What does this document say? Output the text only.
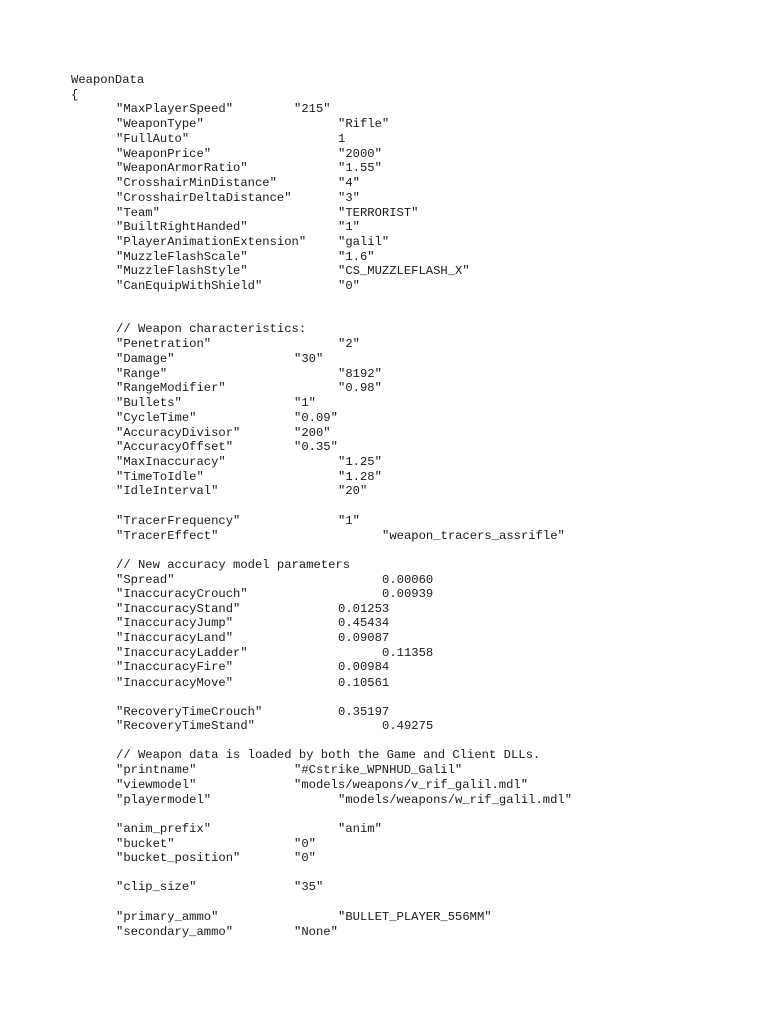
WeaponData
{
"MaxPlayerSpeed"	"215"
"WeaponType"	"Rifle"
"FullAuto"	1
"WeaponPrice"	"2000"
"WeaponArmorRatio"	"1.55"
"CrosshairMinDistance"	"4"
"CrosshairDeltaDistance"	"3"
"Team"	"TERRORIST"
"BuiltRightHanded"	"1"
"PlayerAnimationExtension"	"galil"
"MuzzleFlashScale"	"1.6"
"MuzzleFlashStyle"	"CS_MUZZLEFLASH_X"
"CanEquipWithShield"	"0"
// Weapon characteristics:
"Penetration"	"2"
"Damage"	"30"
"Range"	"8192"
"RangeModifier"	"0.98"
"Bullets"	"1"
"CycleTime"	"0.09"
"AccuracyDivisor"	"200"
"AccuracyOffset"	"0.35"
"MaxInaccuracy"	"1.25"
"TimeToIdle"	"1.28"
"IdleInterval"	"20"
"TracerFrequency"	"1"
"TracerEffect"	"weapon_tracers_assrifle"
// New accuracy model parameters
"Spread"	0.00060
"InaccuracyCrouch"	0.00939
"InaccuracyStand"	0.01253
"InaccuracyJump"	0.45434
"InaccuracyLand"	0.09087
"InaccuracyLadder"	0.11358
"InaccuracyFire"	0.00984
"InaccuracyMove"	0.10561
"RecoveryTimeCrouch"	0.35197
"RecoveryTimeStand"	0.49275
// Weapon data is loaded by both the Game and Client DLLs.
"printname"	"#Cstrike_WPNHUD_Galil"
"viewmodel"	"models/weapons/v_rif_galil.mdl"
"playermodel"	"models/weapons/w_rif_galil.mdl"
"anim_prefix"	"anim"
"bucket"	"0"
"bucket_position"	"0"
"clip_size"	"35"
"primary_ammo"	"BULLET_PLAYER_556MM"
"secondary_ammo"	"None"
